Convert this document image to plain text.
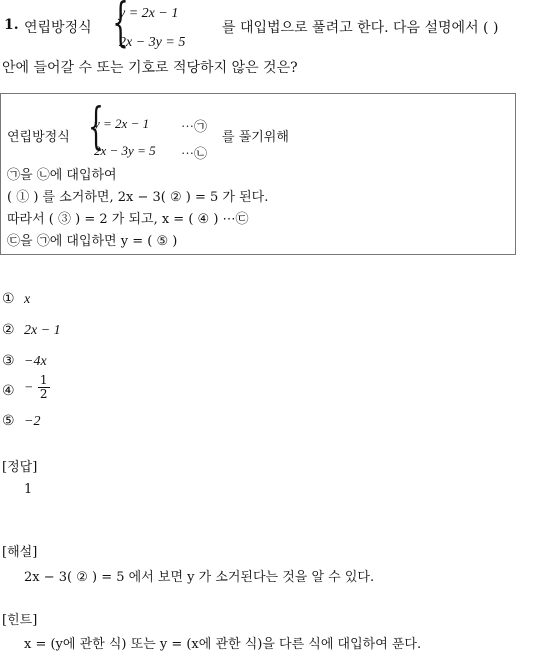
1. 연립방정식 {
y = 2x − 1
2x − 3y = 5
를 대입법으로 풀려고 한다. 다음 설명에서 ( )
안에 들어갈 수 또는 기호로 적당하지 않은 것은?
연립방정식 {
y = 2x − 1 ⋯㉠
2x − 3y = 5 ⋯㉡
를 풀기위해
㉠을 ㉡에 대입하여
( ① ) 를 소거하면, 2x − 3( ② ) = 5 가 된다.
따라서 ( ③ ) = 2 가 되고, x = ( ④ ) ⋯㉢
㉢을 ㉠에 대입하면 y = ( ⑤ )
① x
② 2x − 1
③ −4x
④ − $\frac{1}{2}$
⑤ −2
[정답]
1
[해설]
2x − 3( ② ) = 5 에서 보면 y 가 소거된다는 것을 알 수 있다.
[힌트]
x = (y에 관한 식) 또는 y = (x에 관한 식)을 다른 식에 대입하여 푼다.
